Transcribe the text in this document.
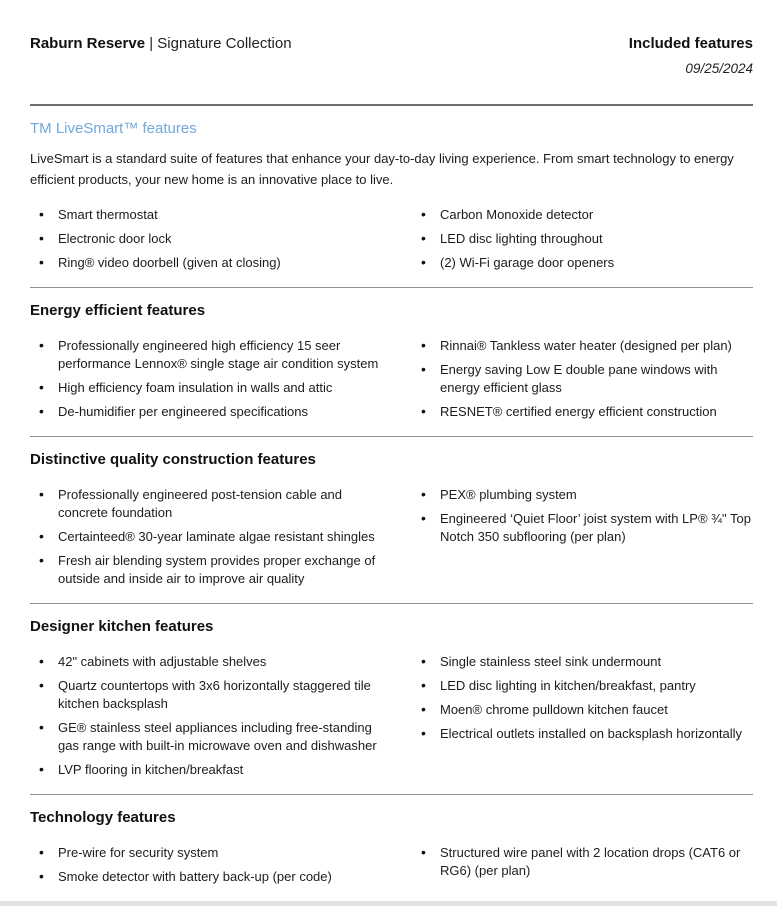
Raburn Reserve | Signature Collection	Included features
09/25/2024
TM LiveSmart™ features

LiveSmart is a standard suite of features that enhance your day-to-day living experience. From smart technology to energy efficient products, your new home is an innovative place to live.

• Smart thermostat
• Electronic door lock
• Ring® video doorbell (given at closing)
• Carbon Monoxide detector
• LED disc lighting throughout
• (2) Wi-Fi garage door openers
Energy efficient features
• Professionally engineered high efficiency 15 seer performance Lennox® single stage air condition system
• High efficiency foam insulation in walls and attic
• De-humidifier per engineered specifications
• Rinnai® Tankless water heater (designed per plan)
• Energy saving Low E double pane windows with energy efficient glass
• RESNET® certified energy efficient construction
Distinctive quality construction features
• Professionally engineered post-tension cable and concrete foundation
• Certainteed® 30-year laminate algae resistant shingles
• Fresh air blending system provides proper exchange of outside and inside air to improve air quality
• PEX® plumbing system
• Engineered ‘Quiet Floor’ joist system with LP® ¾" Top Notch 350 subflooring (per plan)
Designer kitchen features
• 42" cabinets with adjustable shelves
• Quartz countertops with 3x6 horizontally staggered tile kitchen backsplash
• GE® stainless steel appliances including free-standing gas range with built-in microwave oven and dishwasher
• LVP flooring in kitchen/breakfast
• Single stainless steel sink undermount
• LED disc lighting in kitchen/breakfast, pantry
• Moen® chrome pulldown kitchen faucet
• Electrical outlets installed on backsplash horizontally
Technology features
• Pre-wire for security system
• Smoke detector with battery back-up (per code)
• Structured wire panel with 2 location drops (CAT6 or RG6) (per plan)
